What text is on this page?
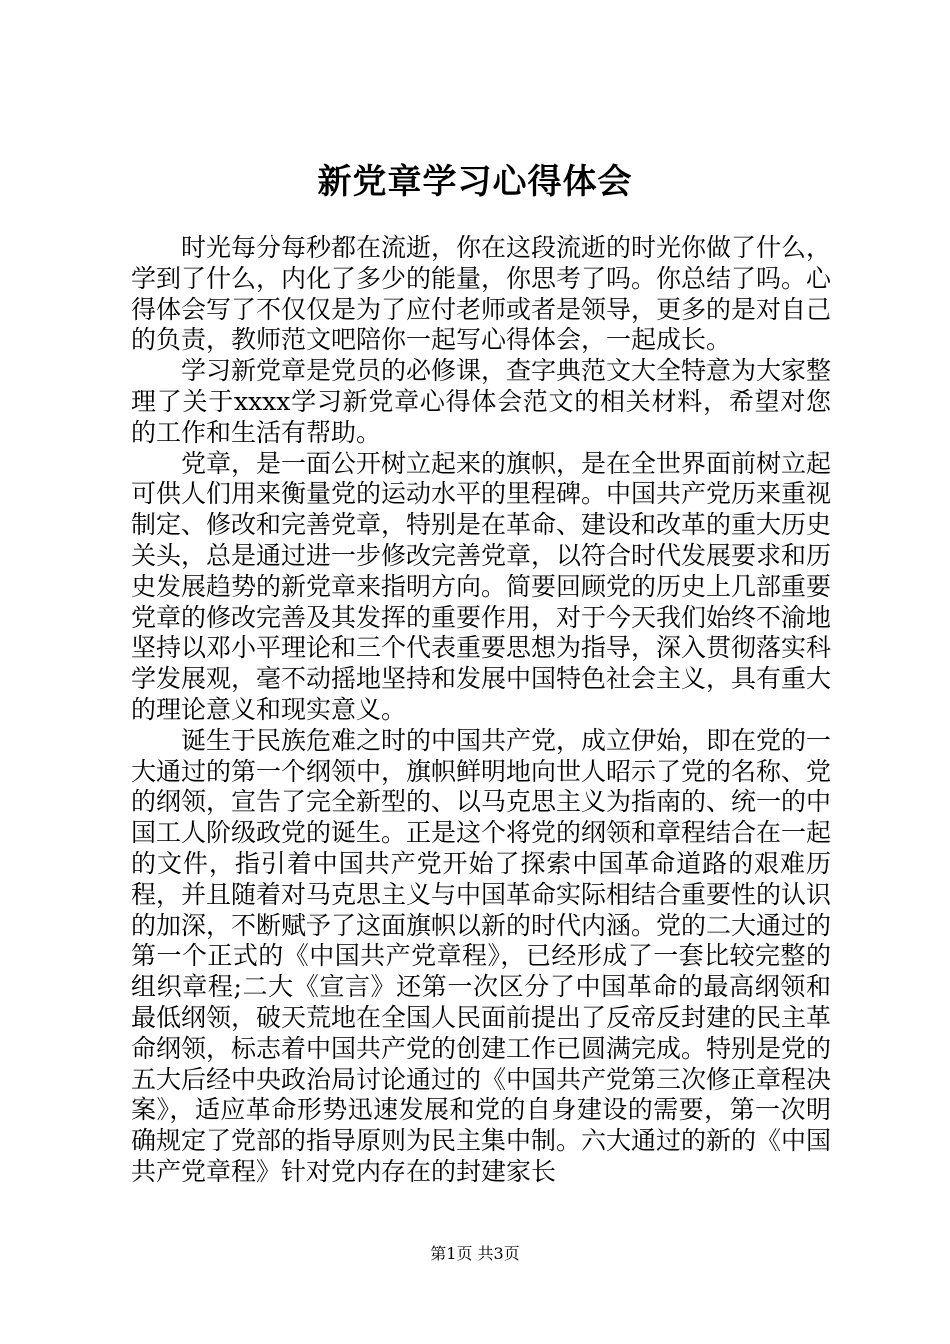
新党章学习心得体会

时光每分每秒都在流逝，你在这段流逝的时光你做了什么，学到了什么，内化了多少的能量，你思考了吗。你总结了吗。心得体会写了不仅仅是为了应付老师或者是领导，更多的是对自己的负责，教师范文吧陪你一起写心得体会，一起成长。

学习新党章是党员的必修课，查字典范文大全特意为大家整理了关于xxxx学习新党章心得体会范文的相关材料，希望对您的工作和生活有帮助。

党章，是一面公开树立起来的旗帜，是在全世界面前树立起可供人们用来衡量党的运动水平的里程碑。中国共产党历来重视制定、修改和完善党章，特别是在革命、建设和改革的重大历史关头，总是通过进一步修改完善党章，以符合时代发展要求和历史发展趋势的新党章来指明方向。简要回顾党的历史上几部重要党章的修改完善及其发挥的重要作用，对于今天我们始终不渝地坚持以邓小平理论和三个代表重要思想为指导，深入贯彻落实科学发展观，毫不动摇地坚持和发展中国特色社会主义，具有重大的理论意义和现实意义。

诞生于民族危难之时的中国共产党，成立伊始，即在党的一大通过的第一个纲领中，旗帜鲜明地向世人昭示了党的名称、党的纲领，宣告了完全新型的、以马克思主义为指南的、统一的中国工人阶级政党的诞生。正是这个将党的纲领和章程结合在一起的文件，指引着中国共产党开始了探索中国革命道路的艰难历程，并且随着对马克思主义与中国革命实际相结合重要性的认识的加深，不断赋予了这面旗帜以新的时代内涵。党的二大通过的第一个正式的《中国共产党章程》，已经形成了一套比较完整的组织章程;二大《宣言》还第一次区分了中国革命的最高纲领和最低纲领，破天荒地在全国人民面前提出了反帝反封建的民主革命纲领，标志着中国共产党的创建工作已圆满完成。特别是党的五大后经中央政治局讨论通过的《中国共产党第三次修正章程决案》，适应革命形势迅速发展和党的自身建设的需要，第一次明确规定了党部的指导原则为民主集中制。六大通过的新的《中国共产党章程》针对党内存在的封建家长

第1页 共3页
